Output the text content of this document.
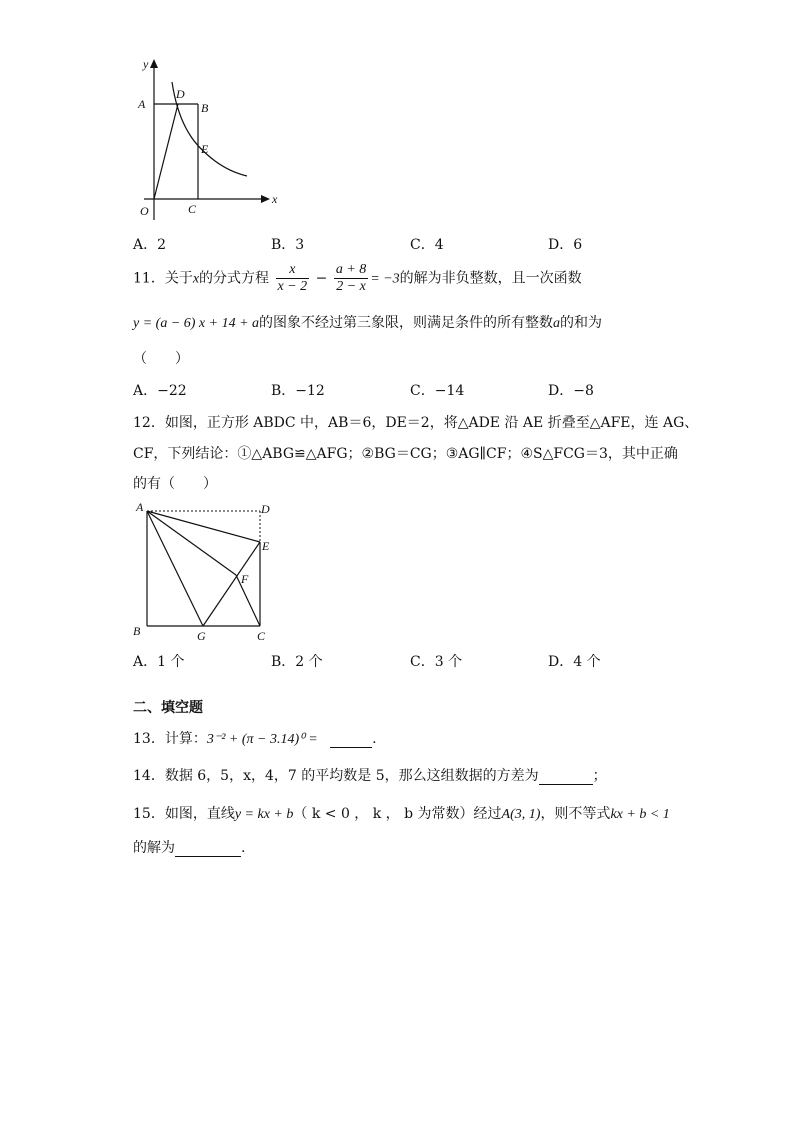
y
x
A
D
B
E
O	C
A．2	B．3	C．4	D．6
11．关于x的分式方程 $\frac{x}{x - 2} - \frac{a + 8}{2 - x} = -3$的解为非负整数，且一次函数
y = (a − 6) x + 14 + a的图象不经过第三象限，则满足条件的所有整数a的和为
（　　）
A．−22	B．−12	C．−14	D．−8
12．如图，正方形 ABDC 中，AB＝6，DE＝2，将△ADE 沿 AE 折叠至△AFE，连 AG、
CF，下列结论：①△ABG≌△AFG；②BG＝CG；③AG∥CF；④S△FCG＝3，其中正确
的有（　　）
A	D
E
F
B	G	C
A．1 个	B．2 个	C．3 个	D．4 个
二、填空题
13．计算：3⁻² + (π − 3.14)⁰ =	.
14．数据 6，5，x，4，7 的平均数是 5，那么这组数据的方差为	；
15．如图，直线y = kx + b（ k < 0 ， k ， b 为常数）经过A(3, 1)，则不等式kx + b < 1
的解为	.
